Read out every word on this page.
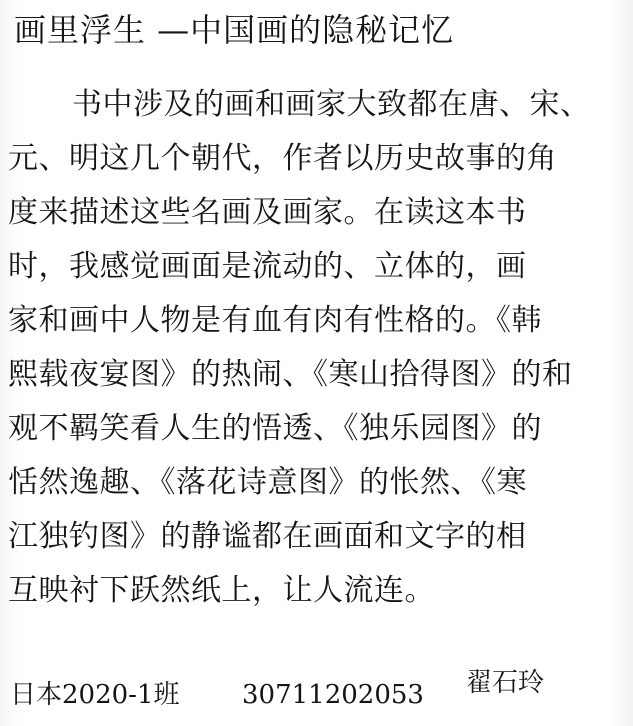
画里浮生 —中国画的隐秘记忆
书中涉及的画和画家大致都在唐、宋、
元、明这几个朝代，作者以历史故事的角
度来描述这些名画及画家。在读这本书
时，我感觉画面是流动的、立体的，画
家和画中人物是有血有肉有性格的。《韩
熙载夜宴图》的热闹、《寒山拾得图》的和
观不羁笑看人生的悟透、《独乐园图》的
恬然逸趣、《落花诗意图》的怅然、《寒
江独钓图》的静谧都在画面和文字的相
互映衬下跃然纸上，让人流连。
日本2020-1班 30711202053 翟石玲
